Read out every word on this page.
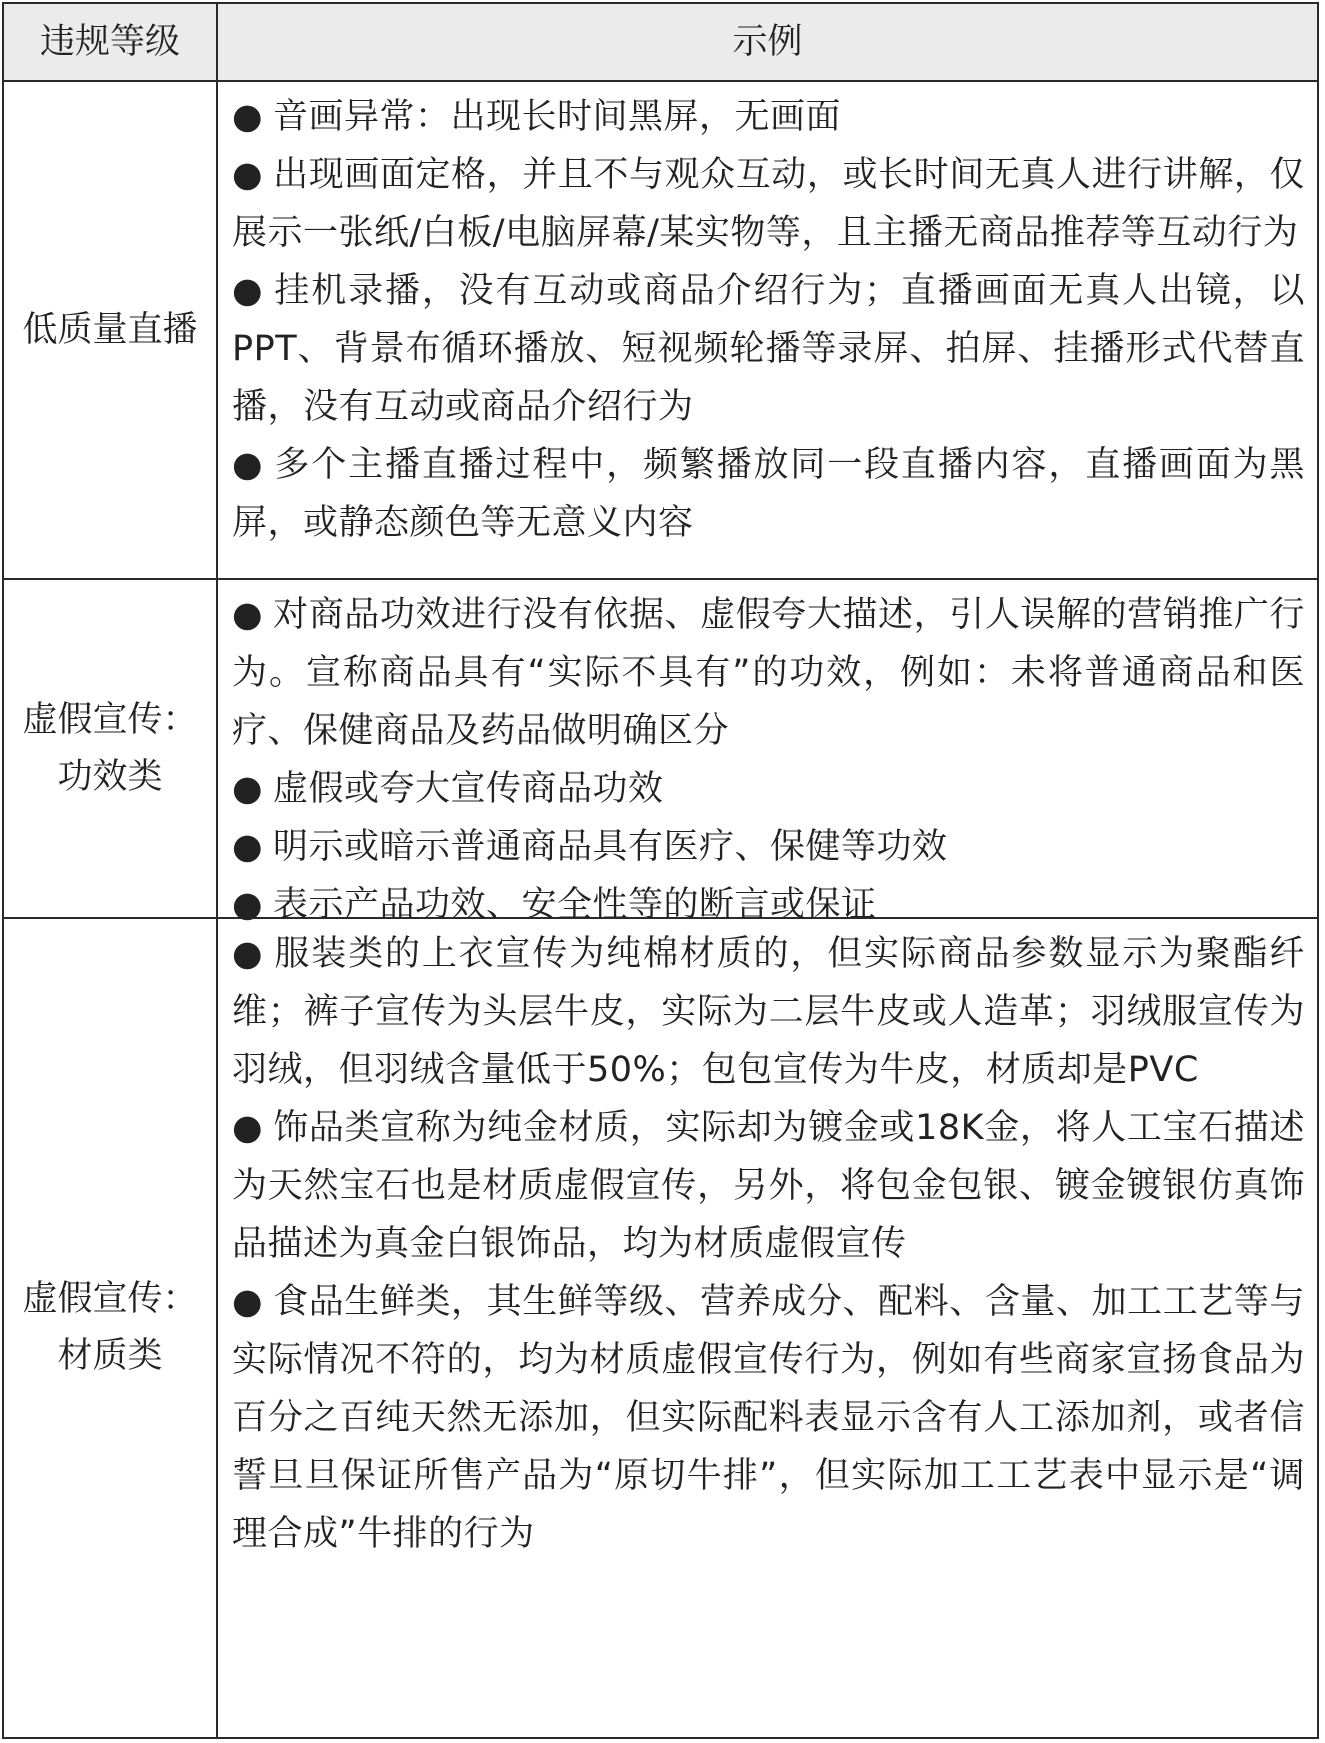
违规等级	示例
低质量直播

● 音画异常：出现长时间黑屏，无画面

● 出现画面定格，并且不与观众互动，或长时间无真人进行讲解，仅展示一张纸/白板/电脑屏幕/某实物等，且主播无商品推荐等互动行为

● 挂机录播，没有互动或商品介绍行为；直播画面无真人出镜，以PPT、背景布循环播放、短视频轮播等录屏、拍屏、挂播形式代替直播，没有互动或商品介绍行为

● 多个主播直播过程中，频繁播放同一段直播内容，直播画面为黑屏，或静态颜色等无意义内容

虚假宣传：
功效类

● 对商品功效进行没有依据、虚假夸大描述，引人误解的营销推广行为。宣称商品具有“实际不具有”的功效，例如：未将普通商品和医疗、保健商品及药品做明确区分

● 虚假或夸大宣传商品功效

● 明示或暗示普通商品具有医疗、保健等功效

● 表示产品功效、安全性等的断言或保证

虚假宣传：
材质类

● 服装类的上衣宣传为纯棉材质的，但实际商品参数显示为聚酯纤维；裤子宣传为头层牛皮，实际为二层牛皮或人造革；羽绒服宣传为羽绒，但羽绒含量低于50%；包包宣传为牛皮，材质却是PVC

● 饰品类宣称为纯金材质，实际却为镀金或18K金，将人工宝石描述为天然宝石也是材质虚假宣传，另外，将包金包银、镀金镀银仿真饰品描述为真金白银饰品，均为材质虚假宣传

● 食品生鲜类，其生鲜等级、营养成分、配料、含量、加工工艺等与实际情况不符的，均为材质虚假宣传行为，例如有些商家宣扬食品为百分之百纯天然无添加，但实际配料表显示含有人工添加剂，或者信誓旦旦保证所售产品为“原切牛排”，但实际加工工艺表中显示是“调理合成”牛排的行为
